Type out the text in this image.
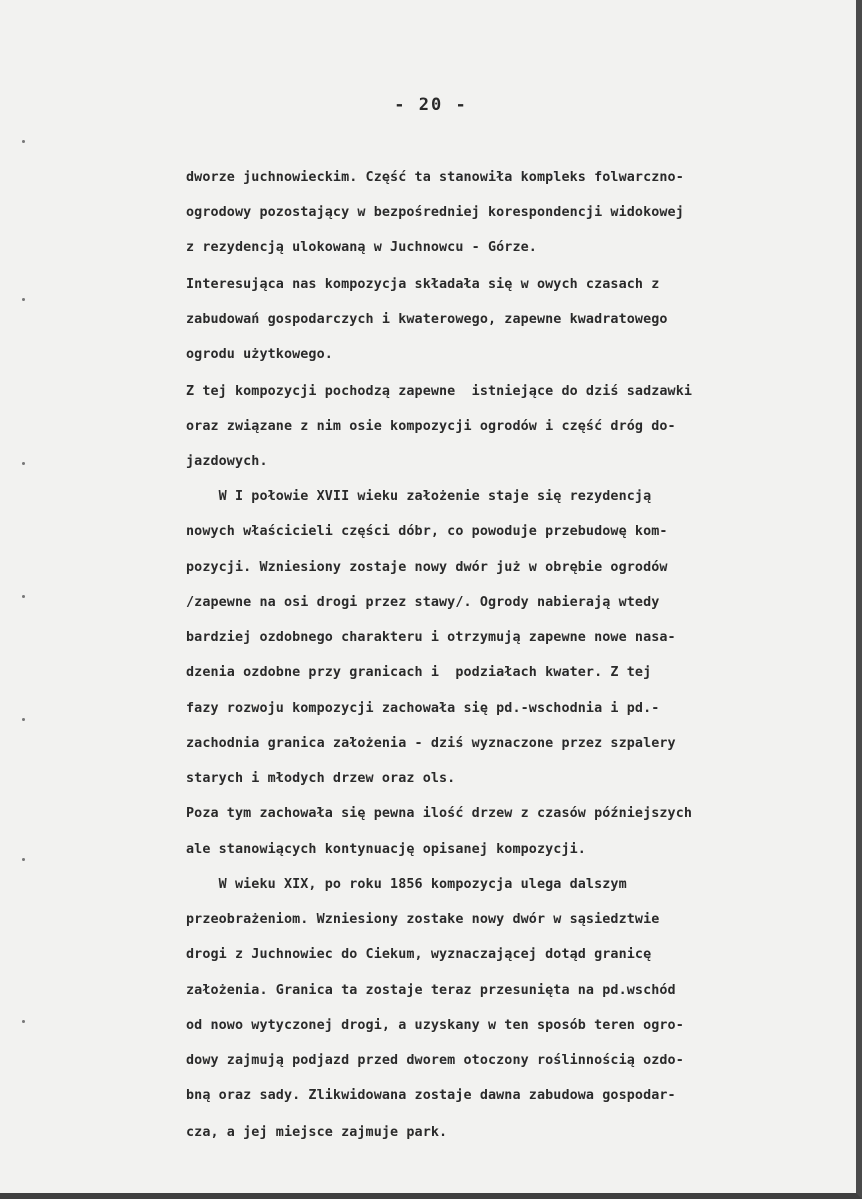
- 20 -
dworze juchnowieckim. Część ta stanowiła kompleks folwarczno-
ogrodowy pozostający w bezpośredniej korespondencji widokowej
z rezydencją ulokowaną w Juchnowcu - Górze.
Interesująca nas kompozycja składała się w owych czasach z
zabudowań gospodarczych i kwaterowego, zapewne kwadratowego
ogrodu użytkowego.
Z tej kompozycji pochodzą zapewne  istniejące do dziś sadzawki
oraz związane z nim osie kompozycji ogrodów i część dróg do-
jazdowych.
W I połowie XVII wieku założenie staje się rezydencją
nowych właścicieli części dóbr, co powoduje przebudowę kom-
pozycji. Wzniesiony zostaje nowy dwór już w obrębie ogrodów
/zapewne na osi drogi przez stawy/. Ogrody nabierają wtedy
bardziej ozdobnego charakteru i otrzymują zapewne nowe nasa-
dzenia ozdobne przy granicach i  podziałach kwater. Z tej
fazy rozwoju kompozycji zachowała się pd.-wschodnia i pd.-
zachodnia granica założenia - dziś wyznaczone przez szpalery
starych i młodych drzew oraz ols.
Poza tym zachowała się pewna ilość drzew z czasów późniejszych
ale stanowiących kontynuację opisanej kompozycji.
W wieku XIX, po roku 1856 kompozycja ulega dalszym
przeobrażeniom. Wzniesiony zostake nowy dwór w sąsiedztwie
drogi z Juchnowiec do Ciekum, wyznaczającej dotąd granicę
założenia. Granica ta zostaje teraz przesunięta na pd.wschód
od nowo wytyczonej drogi, a uzyskany w ten sposób teren ogro-
dowy zajmują podjazd przed dworem otoczony roślinnością ozdo-
bną oraz sady. Zlikwidowana zostaje dawna zabudowa gospodar-
cza, a jej miejsce zajmuje park.
